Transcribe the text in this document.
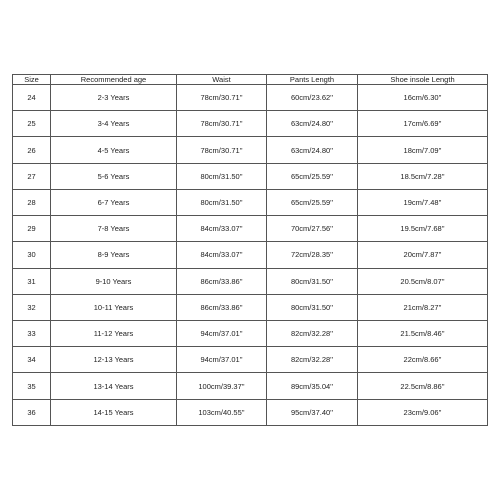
Size	Recommended age	Waist	Pants Length	Shoe insole Length
24	2-3 Years	78cm/30.71''	60cm/23.62''	16cm/6.30''
25	3-4 Years	78cm/30.71''	63cm/24.80''	17cm/6.69''
26	4-5 Years	78cm/30.71''	63cm/24.80''	18cm/7.09''
27	5-6 Years	80cm/31.50''	65cm/25.59''	18.5cm/7.28''
28	6-7 Years	80cm/31.50''	65cm/25.59''	19cm/7.48''
29	7-8 Years	84cm/33.07''	70cm/27.56''	19.5cm/7.68''
30	8-9 Years	84cm/33.07''	72cm/28.35''	20cm/7.87''
31	9-10 Years	86cm/33.86''	80cm/31.50''	20.5cm/8.07''
32	10-11 Years	86cm/33.86''	80cm/31.50''	21cm/8.27''
33	11-12 Years	94cm/37.01''	82cm/32.28''	21.5cm/8.46''
34	12-13 Years	94cm/37.01''	82cm/32.28''	22cm/8.66''
35	13-14 Years	100cm/39.37''	89cm/35.04''	22.5cm/8.86''
36	14-15 Years	103cm/40.55''	95cm/37.40''	23cm/9.06''
